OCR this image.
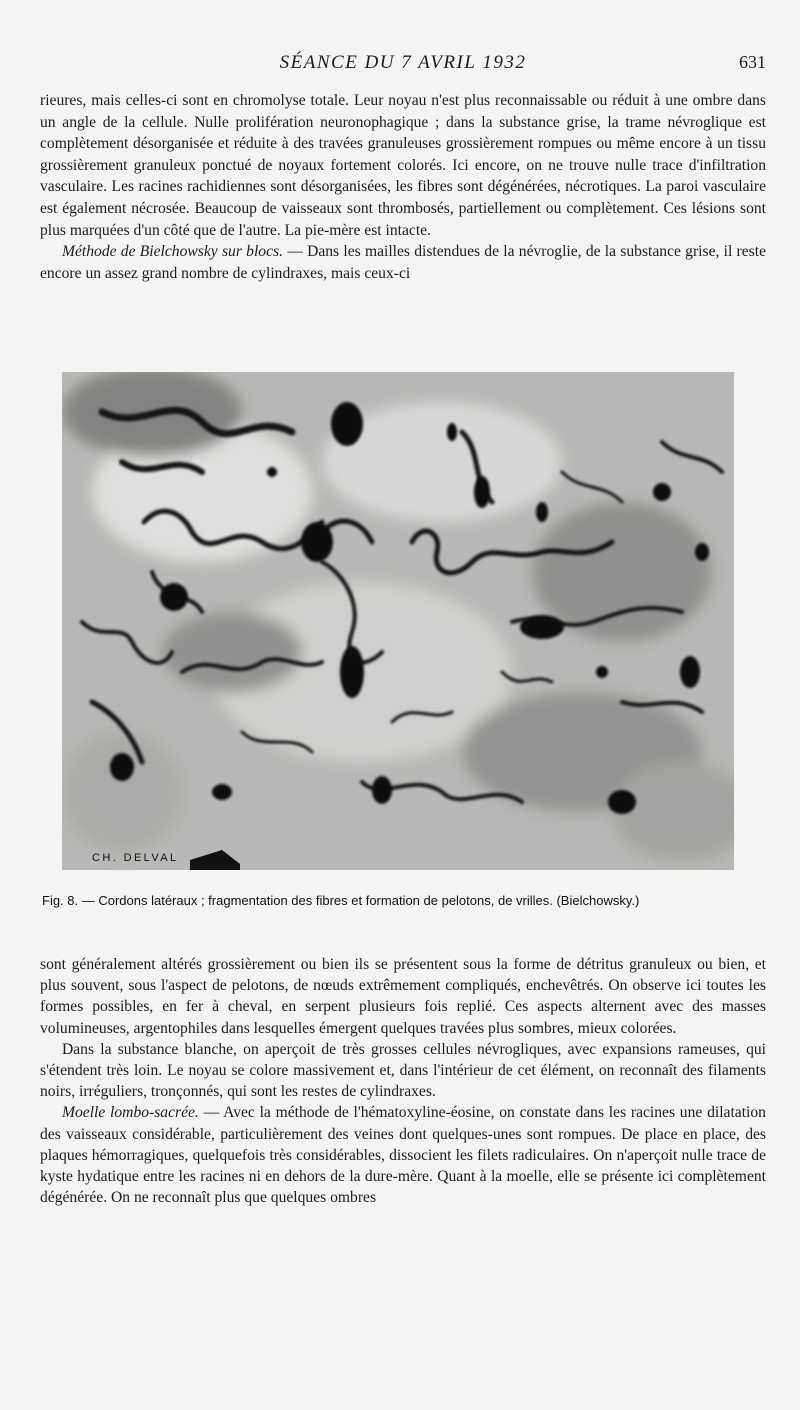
SÉANCE DU 7 AVRIL 1932	631

rieures, mais celles-ci sont en chromolyse totale. Leur noyau n'est plus reconnaissable ou réduit à une ombre dans un angle de la cellule. Nulle prolifération neuronophagique ; dans la substance grise, la trame névroglique est complètement désorganisée et réduite à des travées granuleuses grossièrement rompues ou même encore à un tissu grossièrement granuleux ponctué de noyaux fortement colorés. Ici encore, on ne trouve nulle trace d'infiltration vasculaire. Les racines rachidiennes sont désorganisées, les fibres sont dégénérées, nécrotiques. La paroi vasculaire est également nécrosée. Beaucoup de vaisseaux sont thrombosés, partiellement ou complètement. Ces lésions sont plus marquées d'un côté que de l'autre. La pie-mère est intacte.

Méthode de Bielchowsky sur blocs. — Dans les mailles distendues de la névroglie, de la substance grise, il reste encore un assez grand nombre de cylindraxes, mais ceux-ci

CH. DELVAL
Fig. 8. — Cordons latéraux ; fragmentation des fibres et formation de pelotons, de vrilles. (Bielchowsky.)

sont généralement altérés grossièrement ou bien ils se présentent sous la forme de détritus granuleux ou bien, et plus souvent, sous l'aspect de pelotons, de nœuds extrêmement compliqués, enchevêtrés. On observe ici toutes les formes possibles, en fer à cheval, en serpent plusieurs fois replié. Ces aspects alternent avec des masses volumineuses, argentophiles dans lesquelles émergent quelques travées plus sombres, mieux colorées.

Dans la substance blanche, on aperçoit de très grosses cellules névrogliques, avec expansions rameuses, qui s'étendent très loin. Le noyau se colore massivement et, dans l'intérieur de cet élément, on reconnaît des filaments noirs, irréguliers, tronçonnés, qui sont les restes de cylindraxes.

Moelle lombo-sacrée. — Avec la méthode de l'hématoxyline-éosine, on constate dans les racines une dilatation des vaisseaux considérable, particulièrement des veines dont quelques-unes sont rompues. De place en place, des plaques hémorragiques, quelquefois très considérables, dissocient les filets radiculaires. On n'aperçoit nulle trace de kyste hydatique entre les racines ni en dehors de la dure-mère. Quant à la moelle, elle se présente ici complètement dégénérée. On ne reconnaît plus que quelques ombres
